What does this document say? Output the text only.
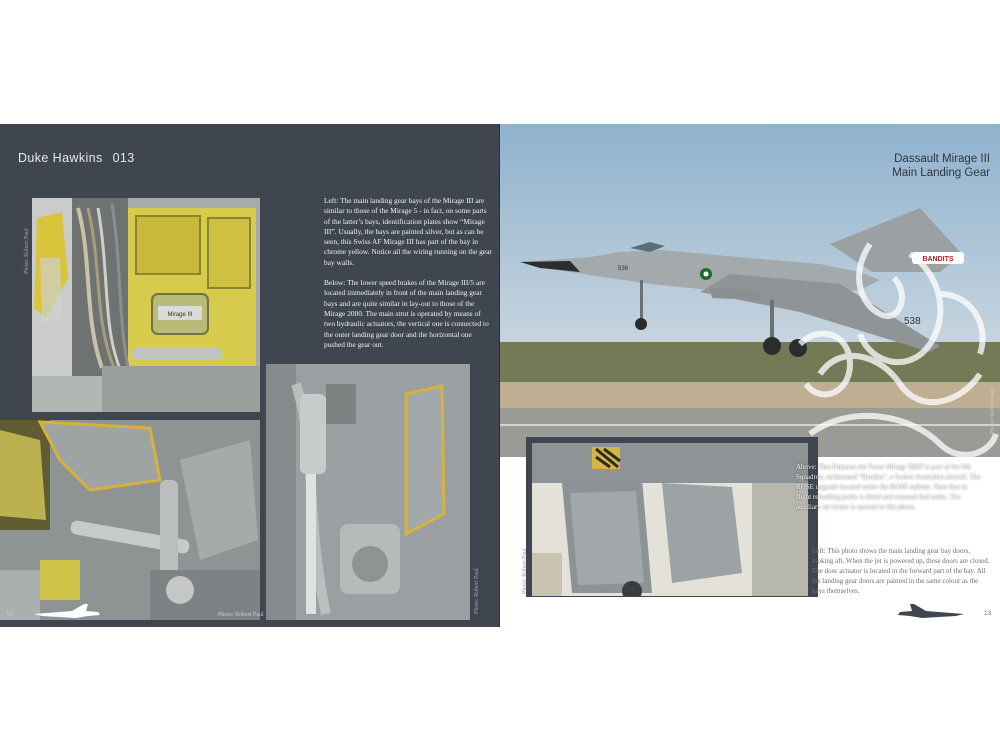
Duke Hawkins 013
Mirage III

Left: The main landing gear bays of the Mirage III are similar to those of the Mirage 5 - in fact, on some parts of the latter’s bays, identification plates show “Mirage III”. Usually, the bays are painted silver, but as can be seen, this Swiss AF Mirage III has part of the bay in chrome yellow. Notice all the wiring running on the gear bay walls.

Below: The lower speed brakes of the Mirage III/5 are located immediately in front of the main landing gear bays and are quite similar in lay-out to those of the Mirage 2000. The main strut is operated by means of two hydraulic actuators, the vertical one is connected to the outer landing gear door and the horizontal one pushed the gear out.

Photo: Robert Paul
Photo: Robert Paul
Photo: Robert Paul
12
BANDITS
538
538
Dassault Mirage III
Main Landing Gear
Photo: Robert Paul
Photo: Robert Paul
Above: This Pakistan Air Force Mirage IIIEP is part of the 8th Squadron, nicknamed “Bandits”, a former Australian aircraft. The ROSE upgrade located under the ROSE radome. Note that in flight refuelling probe is fitted and external fuel tanks. The auxiliary air intake is opened in this photo.
Left: This photo shows the main landing gear bay doors, looking aft. When the jet is powered up, these doors are closed. The door actuator is located in the forward part of the bay. All the landing gear doors are painted in the same colour as the bays themselves.
13
